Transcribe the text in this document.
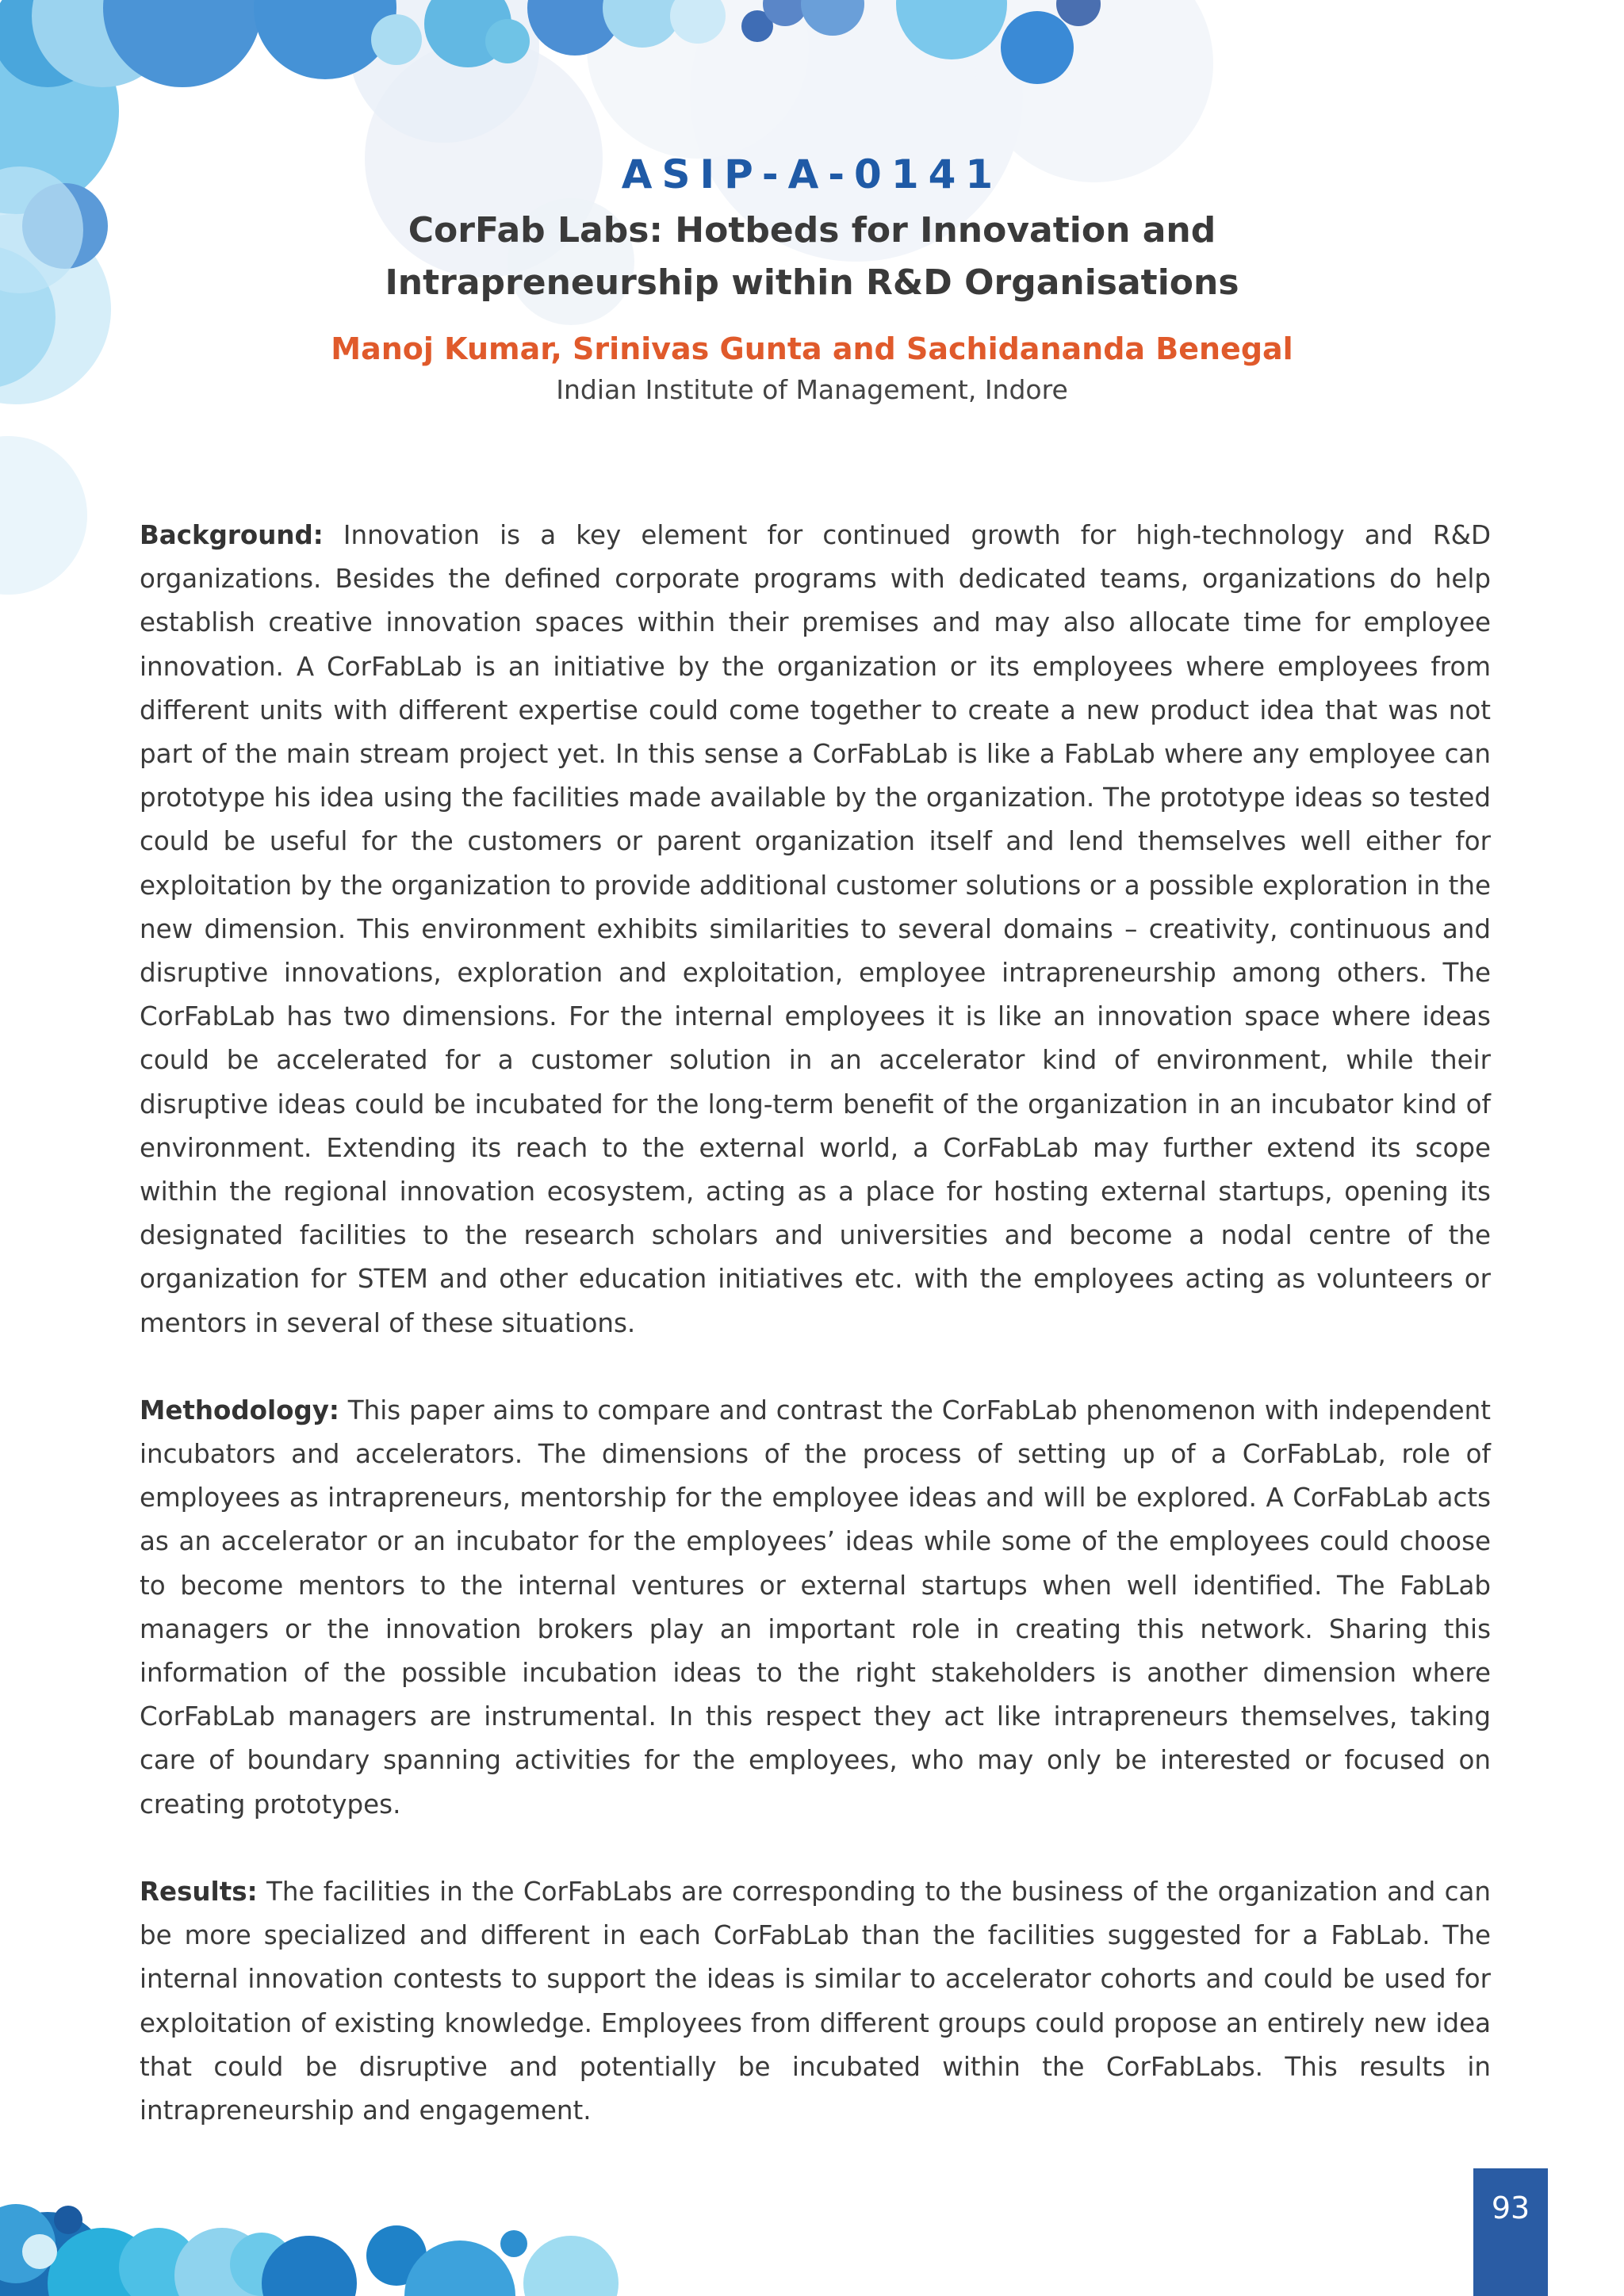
ASIP-A-0141
CorFab Labs: Hotbeds for Innovation and Intrapreneurship within R&D Organisations
Manoj Kumar, Srinivas Gunta and Sachidananda Benegal
Indian Institute of Management, Indore

Background: Innovation is a key element for continued growth for high-technology and R&D organizations. Besides the defined corporate programs with dedicated teams, organizations do help establish creative innovation spaces within their premises and may also allocate time for employee innovation. A CorFabLab is an initiative by the organization or its employees where employees from different units with different expertise could come together to create a new product idea that was not part of the main stream project yet. In this sense a CorFabLab is like a FabLab where any employee can prototype his idea using the facilities made available by the organization. The prototype ideas so tested could be useful for the customers or parent organization itself and lend themselves well either for exploitation by the organization to provide additional customer solutions or a possible exploration in the new dimension. This environment exhibits similarities to several domains – creativity, continuous and disruptive innovations, exploration and exploitation, employee intrapreneurship among others. The CorFabLab has two dimensions. For the internal employees it is like an innovation space where ideas could be accelerated for a customer solution in an accelerator kind of environment, while their disruptive ideas could be incubated for the long-term benefit of the organization in an incubator kind of environment. Extending its reach to the external world, a CorFabLab may further extend its scope within the regional innovation ecosystem, acting as a place for hosting external startups, opening its designated facilities to the research scholars and universities and become a nodal centre of the organization for STEM and other education initiatives etc. with the employees acting as volunteers or mentors in several of these situations.

Methodology: This paper aims to compare and contrast the CorFabLab phenomenon with independent incubators and accelerators. The dimensions of the process of setting up of a CorFabLab, role of employees as intrapreneurs, mentorship for the employee ideas and will be explored. A CorFabLab acts as an accelerator or an incubator for the employees’ ideas while some of the employees could choose to become mentors to the internal ventures or external startups when well identified. The FabLab managers or the innovation brokers play an important role in creating this network. Sharing this information of the possible incubation ideas to the right stakeholders is another dimension where CorFabLab managers are instrumental. In this respect they act like intrapreneurs themselves, taking care of boundary spanning activities for the employees, who may only be interested or focused on creating prototypes.

Results: The facilities in the CorFabLabs are corresponding to the business of the organization and can be more specialized and different in each CorFabLab than the facilities suggested for a FabLab. The internal innovation contests to support the ideas is similar to accelerator cohorts and could be used for exploitation of existing knowledge. Employees from different groups could propose an entirely new idea that could be disruptive and potentially be incubated within the CorFabLabs. This results in intrapreneurship and engagement.

93
